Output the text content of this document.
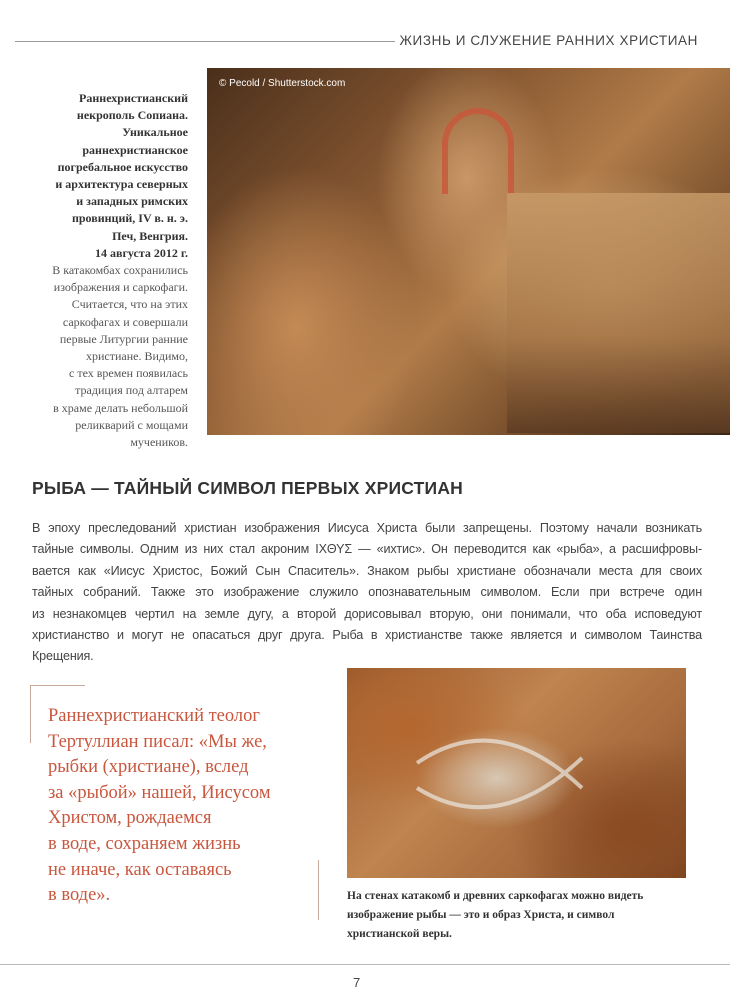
ЖИЗНЬ И СЛУЖЕНИЕ РАННИХ ХРИСТИАН
© Pecold / Shutterstock.com
Раннехристианский
некрополь Сопиана.
Уникальное
раннехристианское
погребальное искусство
и архитектура северных
и западных римских
провинций, IV в. н. э.
Печ, Венгрия.
14 августа 2012 г.
В катакомбах сохранились
изображения и саркофаги.
Считается, что на этих
саркофагах и совершали
первые Литургии ранние
христиане. Видимо,
с тех времен появилась
традиция под алтарем
в храме делать небольшой
реликварий с мощами
мучеников.
РЫБА — ТАЙНЫЙ СИМВОЛ ПЕРВЫХ ХРИСТИАН
В эпоху преследований христиан изображения Иисуса Христа были запрещены. Поэтому начали возникать
тайные символы. Одним из них стал акроним ΙΧΘΥΣ — «ихтис». Он переводится как «рыба», а расшифровы-
вается как «Иисус Христос, Божий Сын Спаситель». Знаком рыбы христиане обозначали места для своих
тайных собраний. Также это изображение служило опознавательным символом. Если при встрече один
из незнакомцев чертил на земле дугу, а второй дорисовывал вторую, они понимали, что оба исповедуют
христианство и могут не опасаться друг друга. Рыба в христианстве также является и символом Таинства
Крещения.
Раннехристианский теолог
Тертуллиан писал: «Мы же,
рыбки (христиане), вслед
за «рыбой» нашей, Иисусом
Христом, рождаемся
в воде, сохраняем жизнь
не иначе, как оставаясь
в воде».	На стенах катакомб и древних саркофагах можно видеть
изображение рыбы — это и образ Христа, и символ
христианской веры.
7
